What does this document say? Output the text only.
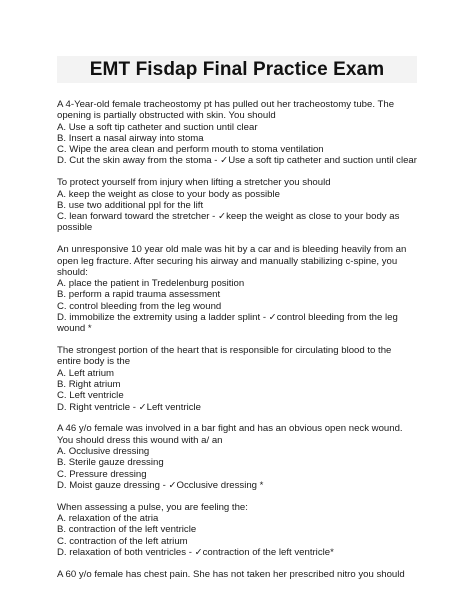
EMT Fisdap Final Practice Exam
A 4-Year-old female tracheostomy pt has pulled out her tracheostomy tube. The opening is partially obstructed with skin. You should
A. Use a soft tip catheter and suction until clear
B. Insert a nasal airway into stoma
C. Wipe the area clean and perform mouth to stoma ventilation
D. Cut the skin away from the stoma - ✓Use a soft tip catheter and suction until clear
To protect yourself from injury when lifting a stretcher you should
A. keep the weight as close to your body as possible
B. use two additional ppl for the lift
C. lean forward toward the stretcher - ✓keep the weight as close to your body as possible
An unresponsive 10 year old male was hit by a car and is bleeding heavily from an open leg fracture. After securing his airway and manually stabilizing c-spine, you should:
A. place the patient in Tredelenburg position
B. perform a rapid trauma assessment
C. control bleeding from the leg wound
D. immobilize the extremity using a ladder splint - ✓control bleeding from the leg wound *
The strongest portion of the heart that is responsible for circulating blood to the entire body is the
A. Left atrium
B. Right atrium
C. Left ventricle
D. Right ventricle - ✓Left ventricle
A 46 y/o female was involved in a bar fight and has an obvious open neck wound. You should dress this wound with a/ an
A. Occlusive dressing
B. Sterile gauze dressing
C. Pressure dressing
D. Moist gauze dressing - ✓Occlusive dressing *
When assessing a pulse, you are feeling the:
A. relaxation of the atria
B. contraction of the left ventricle
C. contraction of the left atrium
D. relaxation of both ventricles - ✓contraction of the left ventricle*
A 60 y/o female has chest pain. She has not taken her prescribed nitro you should
